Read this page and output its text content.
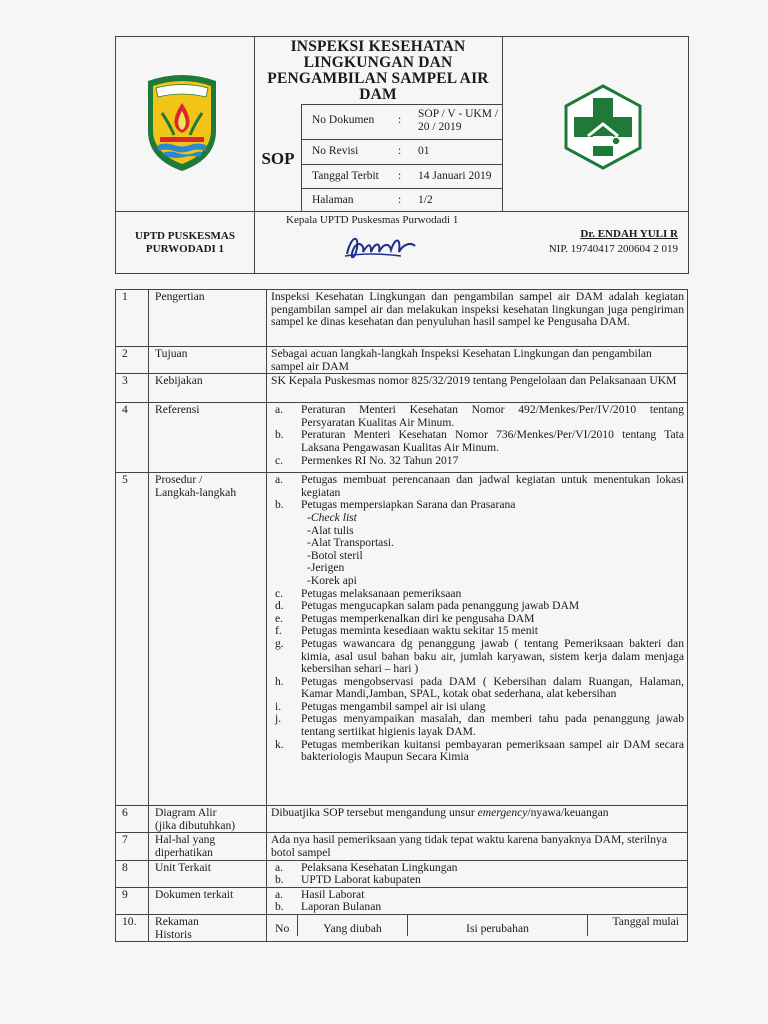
INSPEKSI KESEHATAN
LINGKUNGAN DAN
PENGAMBILAN SAMPEL AIR
DAM
SOP
No Dokumen : SOP / V - UKM / 20 / 2019
No Revisi	: 01
Tanggal Terbit : 14 Januari 2019
Halaman	: 1/2
UPTD PUSKESMAS
PURWODADI 1
Kepala UPTD Puskesmas Purwodadi 1
Dr. ENDAH YULI R
NIP. 19740417 200604 2 019
1	Pengertian	Inspeksi Kesehatan Lingkungan dan pengambilan sampel air DAM adalah kegiatan pengambilan sampel air dan melakukan inspeksi kesehatan lingkungan juga pengiriman sampel ke dinas kesehatan dan penyuluhan hasil sampel ke Pengusaha DAM.
2	Tujuan	Sebagai acuan langkah-langkah Inspeksi Kesehatan Lingkungan dan pengambilan sampel air DAM
3	Kebijakan	SK Kepala Puskesmas nomor 825/32/2019 tentang Pengelolaan dan Pelaksanaan UKM
4	Referensi	a.	Peraturan Menteri Kesehatan Nomor 492/Menkes/Per/IV/2010 tentang Persyaratan Kualitas Air Minum.
b.	Peraturan Menteri Kesehatan Nomor 736/Menkes/Per/VI/2010 tentang Tata Laksana Pengawasan Kualitas Air Minum.
c.	Permenkes RI No. 32 Tahun 2017

5	Prosedur /
Langkah-langkah

a.	Petugas membuat perencanaan dan jadwal kegiatan untuk menentukan lokasi kegiatan
b.	Petugas mempersiapkan Sarana dan Prasarana
-Check list
-Alat tulis
-Alat Transportasi.
-Botol steril
-Jerigen
-Korek api
c.	Petugas melaksanaan pemeriksaan
d.	Petugas mengucapkan salam pada penanggung jawab DAM
e.	Petugas memperkenalkan diri ke pengusaha DAM
f.	Petugas meminta kesediaan waktu sekitar 15 menit
g.	Petugas wawancara dg penanggung jawab ( tentang Pemeriksaan bakteri dan kimia, asal usul bahan baku air, jumlah karyawan, sistem kerja dalam menjaga kebersihan sehari – hari )
h.	Petugas mengobservasi pada DAM ( Kebersihan dalam Ruangan, Halaman, Kamar Mandi,Jamban, SPAL, kotak obat sederhana, alat kebersihan
i.	Petugas mengambil sampel air isi ulang
j.	Petugas menyampaikan masalah, dan memberi tahu pada penanggung jawab tentang sertiikat higienis layak DAM.
k.	Petugas memberikan kuitansi pembayaran pemeriksaan sampel air DAM secara bakteriologis Maupun Secara Kimia

6	Diagram Alir
(jika dibutuhkan)
	Dibuatjika SOP tersebut mengandung unsur emergency/nyawa/keuangan
7	Hal-hal yang
diperhatikan
	Ada nya hasil pemeriksaan yang tidak tepat waktu karena banyaknya DAM, sterilnya botol sampel
8	Unit Terkait	a.	Pelaksana Kesehatan Lingkungan
b.	UPTD Laborat kabupaten

9	Dokumen terkait	a.	Hasil Laborat
b.	Laporan Bulanan

10.	Rekaman
Historis
		No	Yang diubah	Isi perubahan	Tanggal mulai
